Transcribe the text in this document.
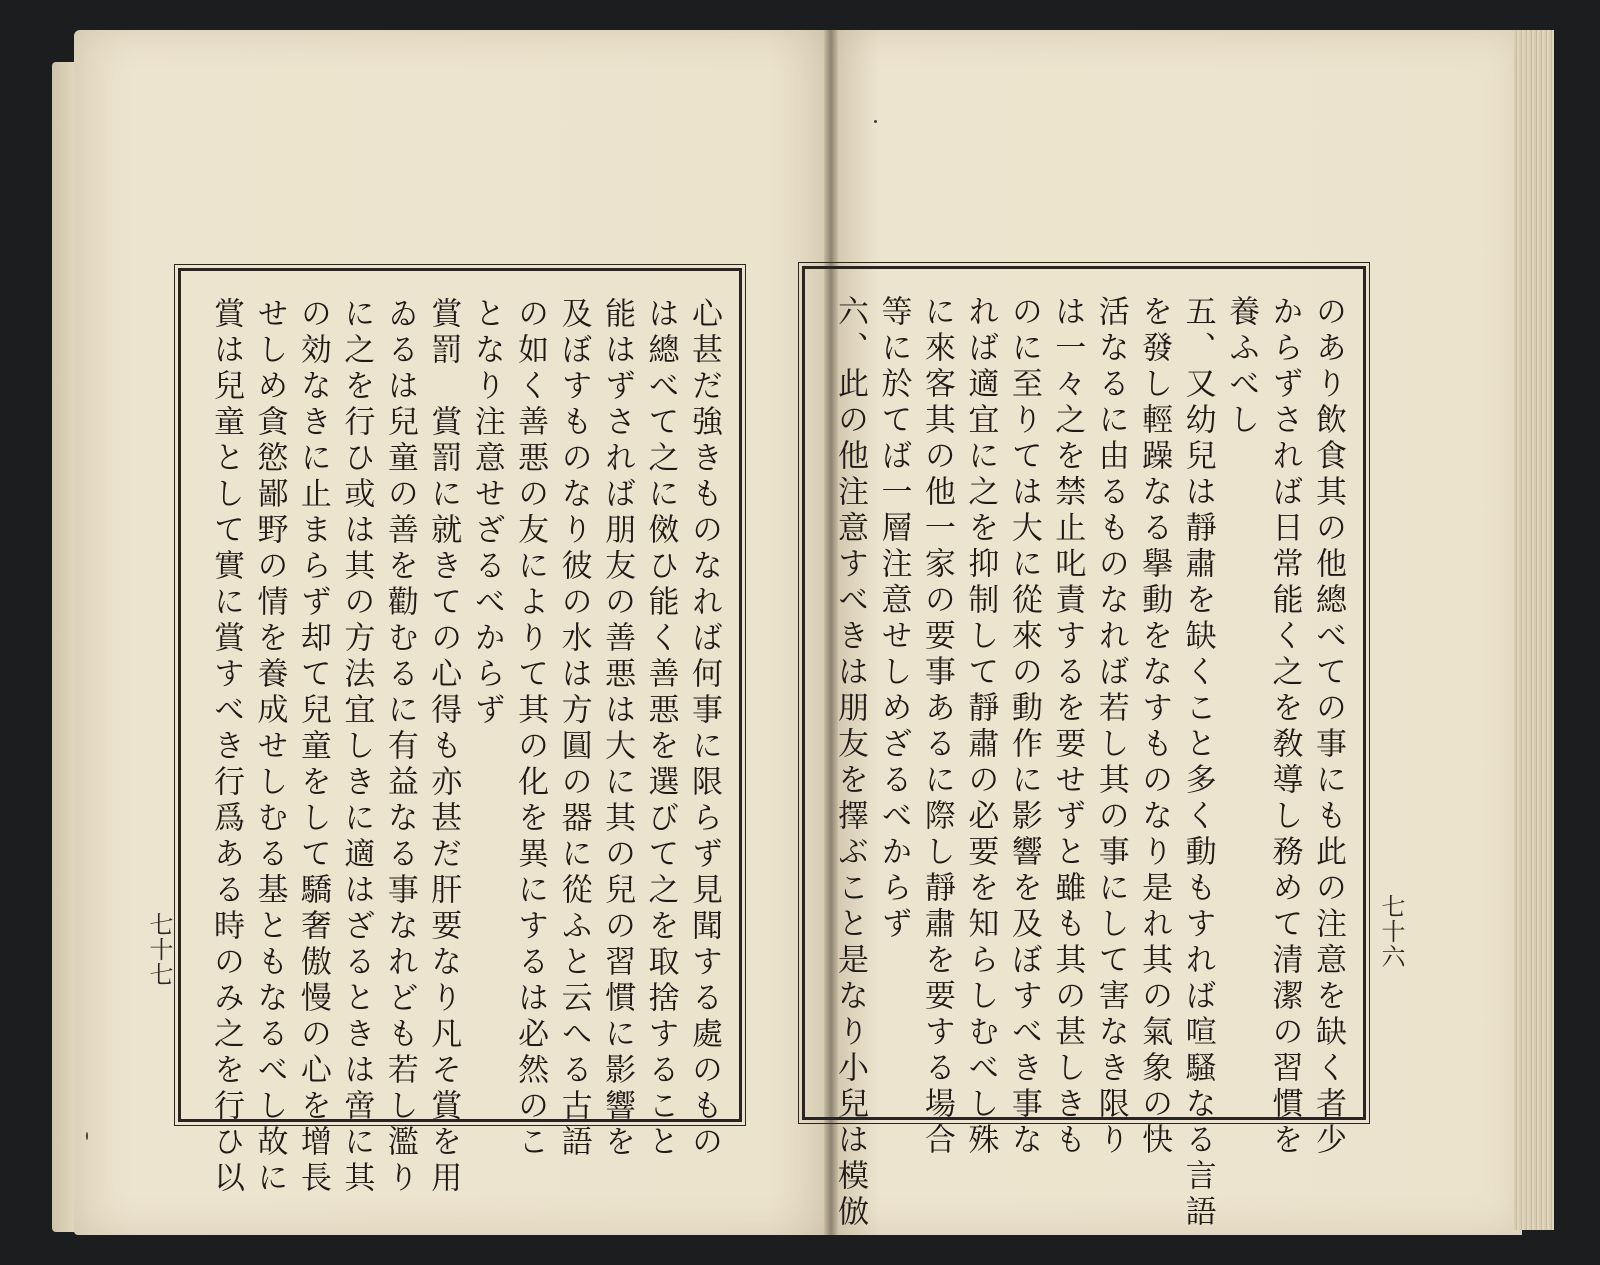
心甚だ強きものなれば何事に限らず見聞する處のもの
は總べて之に傚ひ能く善悪を選びて之を取捨すること
能はずされば朋友の善悪は大に其の兒の習慣に影響を
及ぼすものなり彼の水は方圓の器に從ふと云へる古語
の如く善悪の友によりて其の化を異にするは必然のこ
となり注意せざるべからず
賞罰　賞罰に就きての心得も亦甚だ肝要なり凡そ賞を用
ゐるは兒童の善を勸むるに有益なる事なれども若し濫り
に之を行ひ或は其の方法宜しきに適はざるときは啻に其
の効なきに止まらず却て兒童をして驕奢傲慢の心を增長
せしめ貪慾鄙野の情を養成せしむる基ともなるべし故に
賞は兒童として實に賞すべき行爲ある時のみ之を行ひ以	のあり飲食其の他總べての事にも此の注意を缺く者少
からずされば日常能く之を敎導し務めて清潔の習慣を
養ふべし
五、又幼兒は靜肅を缺くこと多く動もすれば喧騷なる言語
を發し輕躁なる擧動をなすものなり是れ其の氣象の快
活なるに由るものなれば若し其の事にして害なき限り
は一々之を禁止叱責するを要せずと雖も其の甚しきも
のに至りては大に從來の動作に影響を及ぼすべき事な
れば適宜に之を抑制して靜肅の必要を知らしむべし殊
に來客其の他一家の要事あるに際し靜肅を要する場合
等に於てば一層注意せしめざるべからず
六、此の他注意すべきは朋友を擇ぶこと是なり小兒は模倣
七十七	七十六
